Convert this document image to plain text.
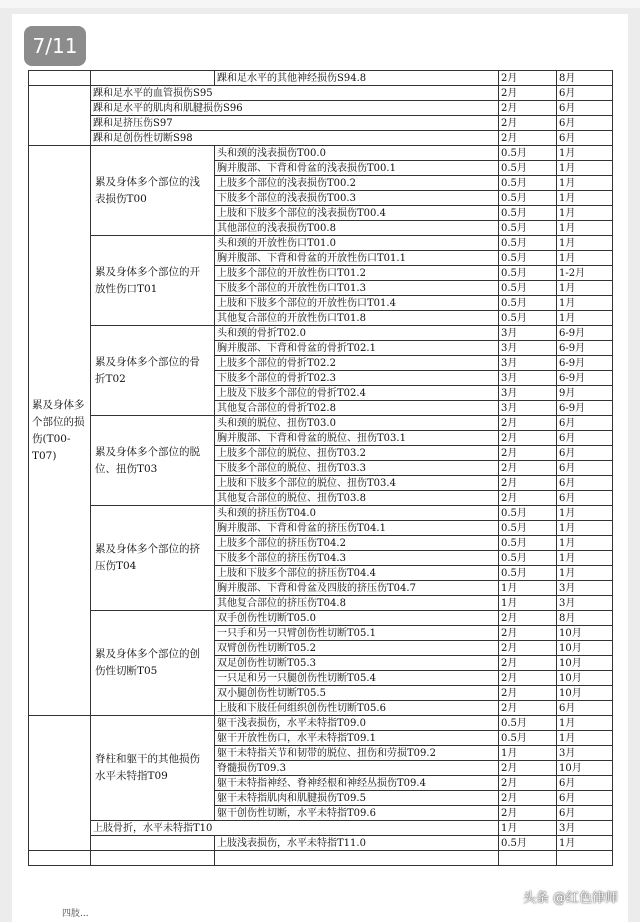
7/11
		踝和足水平的其他神经损伤S94.8	2月	8月
	踝和足水平的血管损伤S95		2月	6月
	踝和足水平的肌肉和肌腱损伤S96		2月	6月
	踝和足挤压伤S97		2月	6月
	踝和足创伤性切断S98		2月	6月
累及身体多个部位的损伤(T00-T07)	累及身体多个部位的浅表损伤T00	头和颈的浅表损伤T00.0	0.5月	1月
		胸并腹部、下背和骨盆的浅表损伤T00.1	0.5月	1月
		上肢多个部位的浅表损伤T00.2	0.5月	1月
		下肢多个部位的浅表损伤T00.3	0.5月	1月
		上肢和下肢多个部位的浅表损伤T00.4	0.5月	1月
		其他部位的浅表损伤T00.8	0.5月	1月
	累及身体多个部位的开放性伤口T01	头和颈的开放性伤口T01.0	0.5月	1月
		胸并腹部、下背和骨盆的开放性伤口T01.1	0.5月	1月
		上肢多个部位的开放性伤口T01.2	0.5月	1-2月
		下肢多个部位的开放性伤口T01.3	0.5月	1月
		上肢和下肢多个部位的开放性伤口T01.4	0.5月	1月
		其他复合部位的开放性伤口T01.8	0.5月	1月
	累及身体多个部位的骨折T02	头和颈的骨折T02.0	3月	6-9月
		胸并腹部、下背和骨盆的骨折T02.1	3月	6-9月
		上肢多个部位的骨折T02.2	3月	6-9月
		下肢多个部位的骨折T02.3	3月	6-9月
		上肢及下肢多个部位的骨折T02.4	3月	9月
		其他复合部位的骨折T02.8	3月	6-9月
	累及身体多个部位的脱位、扭伤T03	头和颈的脱位、扭伤T03.0	2月	6月
		胸并腹部、下背和骨盆的脱位、扭伤T03.1	2月	6月
		上肢多个部位的脱位、扭伤T03.2	2月	6月
		下肢多个部位的脱位、扭伤T03.3	2月	6月
		上肢和下肢多个部位的脱位、扭伤T03.4	2月	6月
		其他复合部位的脱位、扭伤T03.8	2月	6月
	累及身体多个部位的挤压伤T04	头和颈的挤压伤T04.0	0.5月	1月
		胸并腹部、下背和骨盆的挤压伤T04.1	0.5月	1月
		上肢多个部位的挤压伤T04.2	0.5月	1月
		下肢多个部位的挤压伤T04.3	0.5月	1月
		上肢和下肢多个部位的挤压伤T04.4	0.5月	1月
		胸并腹部、下背和骨盆及四肢的挤压伤T04.7	1月	3月
		其他复合部位的挤压伤T04.8	1月	3月
	累及身体多个部位的创伤性切断T05	双手创伤性切断T05.0	2月	8月
		一只手和另一只臂创伤性切断T05.1	2月	10月
		双臂创伤性切断T05.2	2月	10月
		双足创伤性切断T05.3	2月	10月
		一只足和另一只腿创伤性切断T05.4	2月	10月
		双小腿创伤性切断T05.5	2月	10月
		上肢和下肢任何组织创伤性切断T05.6	2月	6月
	脊柱和躯干的其他损伤水平未特指T09	躯干浅表损伤，水平未特指T09.0	0.5月	1月
		躯干开放性伤口，水平未特指T09.1	0.5月	1月
		躯干未特指关节和韧带的脱位、扭伤和劳损T09.2	1月	3月
		脊髓损伤T09.3	2月	10月
		躯干未特指神经、脊神经根和神经丛损伤T09.4	2月	6月
		躯干未特指肌肉和肌腱损伤T09.5	2月	6月
		躯干创伤性切断，水平未特指T09.6	2月	6月
	上肢骨折，水平未特指T10		1月	3月
		上肢浅表损伤，水平未特指T11.0	0.5月	1月

四肢...
头条 @红色律师
